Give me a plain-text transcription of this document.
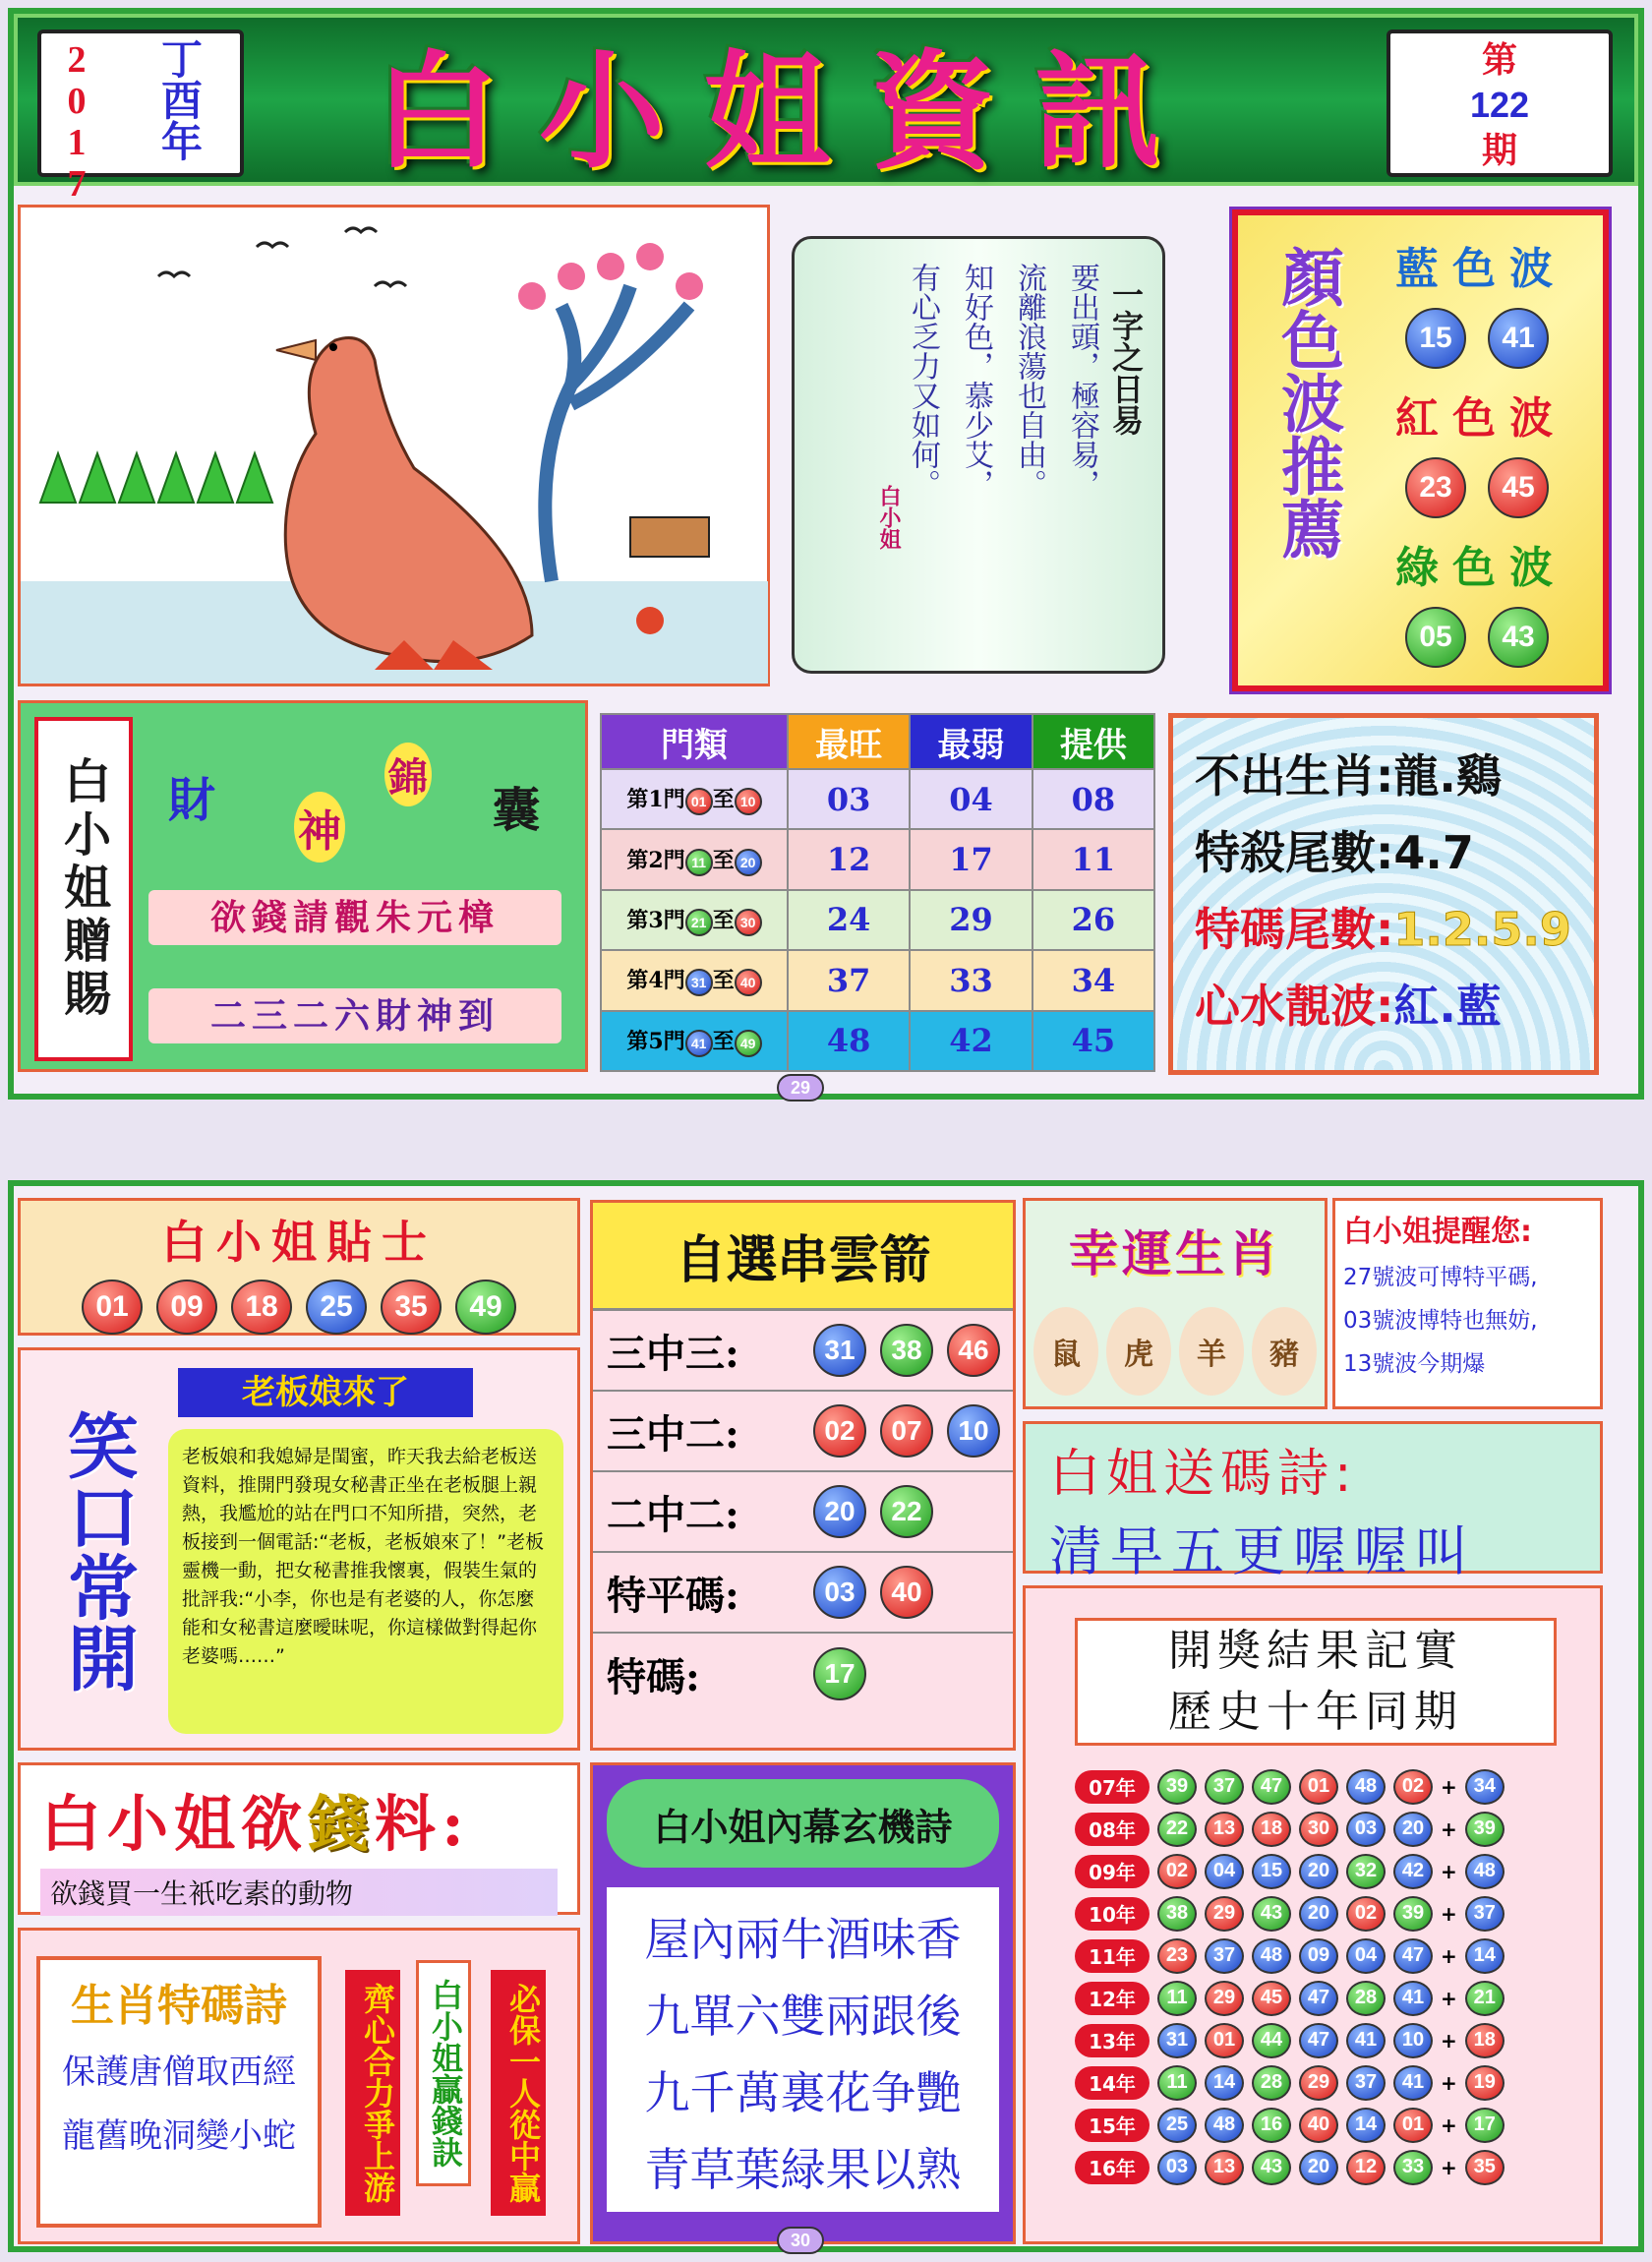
2017 丁酉年	白小姐資訊	第
122
期
一字之日易
要出頭，極容易，
流離浪蕩也自由。
知好色，慕少艾，
有心乏力又如何。
白小姐	顏色波推薦 藍色波
15	41
紅色波
23	45
綠色波
05	43
白小姐贈賜 財
神
錦
囊
欲錢請觀朱元樟
二三二六財神到
門類	最旺	最弱	提供
第1門 01 至 10	03	04	08
第2門 11 至 20	12	17	11
第3門 21 至 30	24	29	26
第4門 31 至 40	37	33	34
第5門 41 至 49	48	42	45
不出生肖:龍.鷄
特殺尾數:4.7
特碼尾數:1.2.5.9
心水靚波:紅.藍
29
白小姐貼士
01	09	18	25	35	49
笑口常開
老板娘來了
老板娘和我媳婦是閨蜜，昨天我去給老板送資料，推開門發現女秘書正坐在老板腿上親熱，我尷尬的站在門口不知所措，突然，老板接到一個電話:“老板，老板娘來了！”老板靈機一動，把女秘書推我懷裏，假裝生氣的批評我:“小李，你也是有老婆的人，你怎麼能和女秘書這麼曖昧呢，你這樣做對得起你老婆嗎……”
自選串雲箭
三中三:	31	38	46
三中二:	02	07	10
二中二:	20	22
特平碼:	03	40
特碼:	17
幸運生肖
鼠	虎	羊	豬
白小姐提醒您:
27號波可博特平碼,
03號波博特也無妨,
13號波今期爆
白姐送碼詩:
清早五更喔喔叫
白小姐欲錢料:
欲錢買一生衹吃素的動物
生肖特碼詩
保護唐僧取西經
龍舊晚洞變小蛇	齊心合力爭上游 白小姐贏錢訣	必保一人從中贏
白小姐內幕玄機詩
屋內兩牛酒味香
九單六雙兩跟後
九千萬裏花争艷
青草葉緑果以熟
開獎結果記實
歷史十年同期
07年	39	37	47	01	48	02 + 34
08年	22	13	18	30	03	20 + 39
09年	02	04	15	20	32	42 + 48
10年	38	29	43	20	02	39 + 37
11年	23	37	48	09	04	47 + 14
12年	11	29	45	47	28	41 + 21
13年	31	01	44	47	41	10 + 18
14年	11	14	28	29	37	41 + 19
15年	25	48	16	40	14	01 + 17
16年	03	13	43	20	12	33 + 35
30
